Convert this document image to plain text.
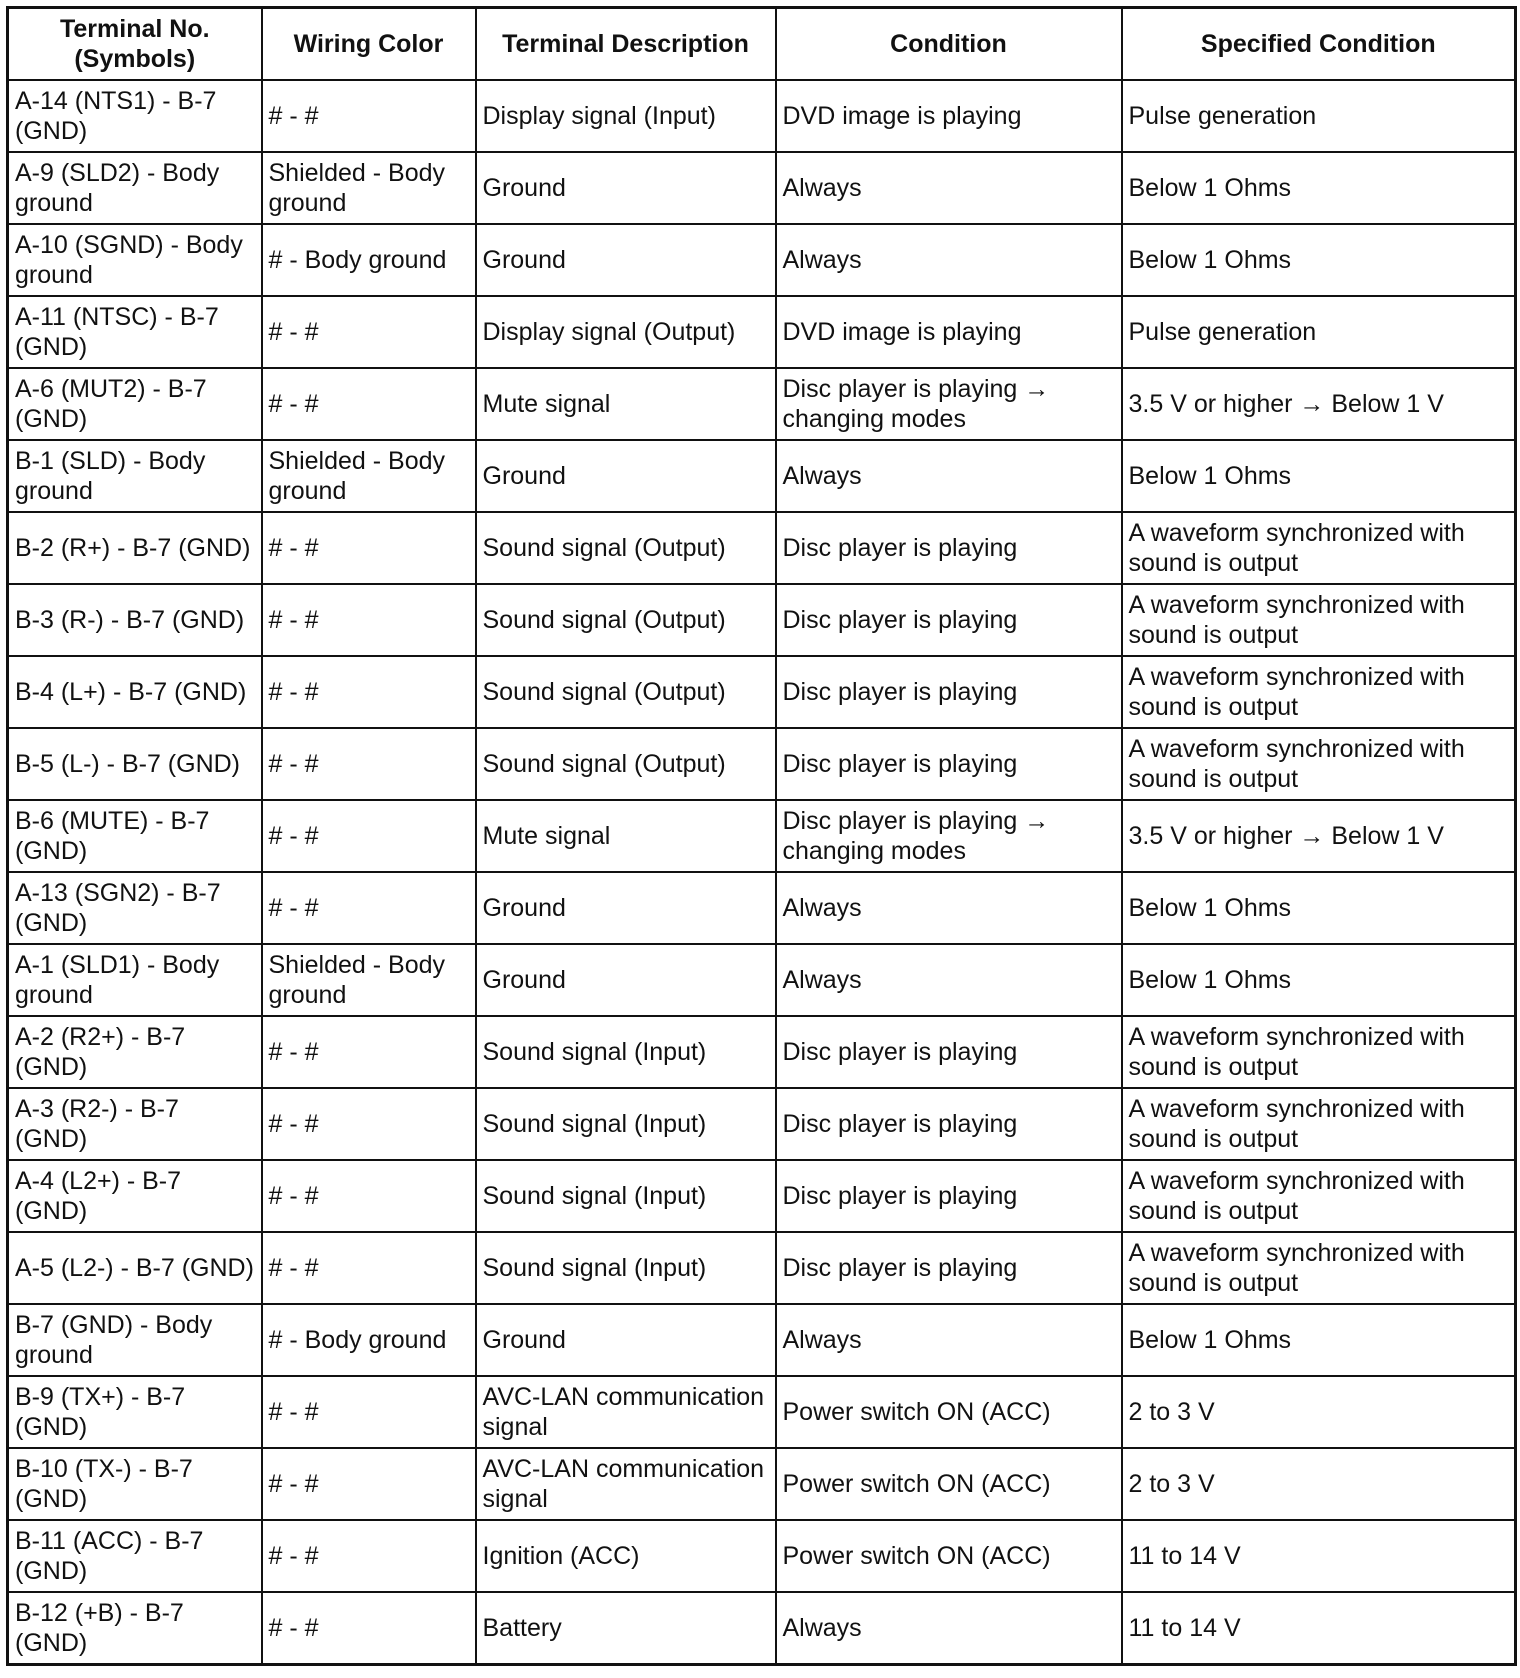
Terminal No. (Symbols)	Wiring Color	Terminal Description	Condition	Specified Condition
A-14 (NTS1) - B-7 (GND)	# - #	Display signal (Input)	DVD image is playing	Pulse generation
A-9 (SLD2) - Body ground	Shielded - Body ground	Ground	Always	Below 1 Ohms
A-10 (SGND) - Body ground	# - Body ground	Ground	Always	Below 1 Ohms
A-11 (NTSC) - B-7 (GND)	# - #	Display signal (Output)	DVD image is playing	Pulse generation
A-6 (MUT2) - B-7 (GND)	# - #	Mute signal	Disc player is playing → changing modes	3.5 V or higher → Below 1 V
B-1 (SLD) - Body ground	Shielded - Body ground	Ground	Always	Below 1 Ohms
B-2 (R+) - B-7 (GND)	# - #	Sound signal (Output)	Disc player is playing	A waveform synchronized with sound is output
B-3 (R-) - B-7 (GND)	# - #	Sound signal (Output)	Disc player is playing	A waveform synchronized with sound is output
B-4 (L+) - B-7 (GND)	# - #	Sound signal (Output)	Disc player is playing	A waveform synchronized with sound is output
B-5 (L-) - B-7 (GND)	# - #	Sound signal (Output)	Disc player is playing	A waveform synchronized with sound is output
B-6 (MUTE) - B-7 (GND)	# - #	Mute signal	Disc player is playing → changing modes	3.5 V or higher → Below 1 V
A-13 (SGN2) - B-7 (GND)	# - #	Ground	Always	Below 1 Ohms
A-1 (SLD1) - Body ground	Shielded - Body ground	Ground	Always	Below 1 Ohms
A-2 (R2+) - B-7 (GND)	# - #	Sound signal (Input)	Disc player is playing	A waveform synchronized with sound is output
A-3 (R2-) - B-7 (GND)	# - #	Sound signal (Input)	Disc player is playing	A waveform synchronized with sound is output
A-4 (L2+) - B-7 (GND)	# - #	Sound signal (Input)	Disc player is playing	A waveform synchronized with sound is output
A-5 (L2-) - B-7 (GND)	# - #	Sound signal (Input)	Disc player is playing	A waveform synchronized with sound is output
B-7 (GND) - Body ground	# - Body ground	Ground	Always	Below 1 Ohms
B-9 (TX+) - B-7 (GND)	# - #	AVC-LAN communication signal	Power switch ON (ACC)	2 to 3 V
B-10 (TX-) - B-7 (GND)	# - #	AVC-LAN communication signal	Power switch ON (ACC)	2 to 3 V
B-11 (ACC) - B-7 (GND)	# - #	Ignition (ACC)	Power switch ON (ACC)	11 to 14 V
B-12 (+B) - B-7 (GND)	# - #	Battery	Always	11 to 14 V
